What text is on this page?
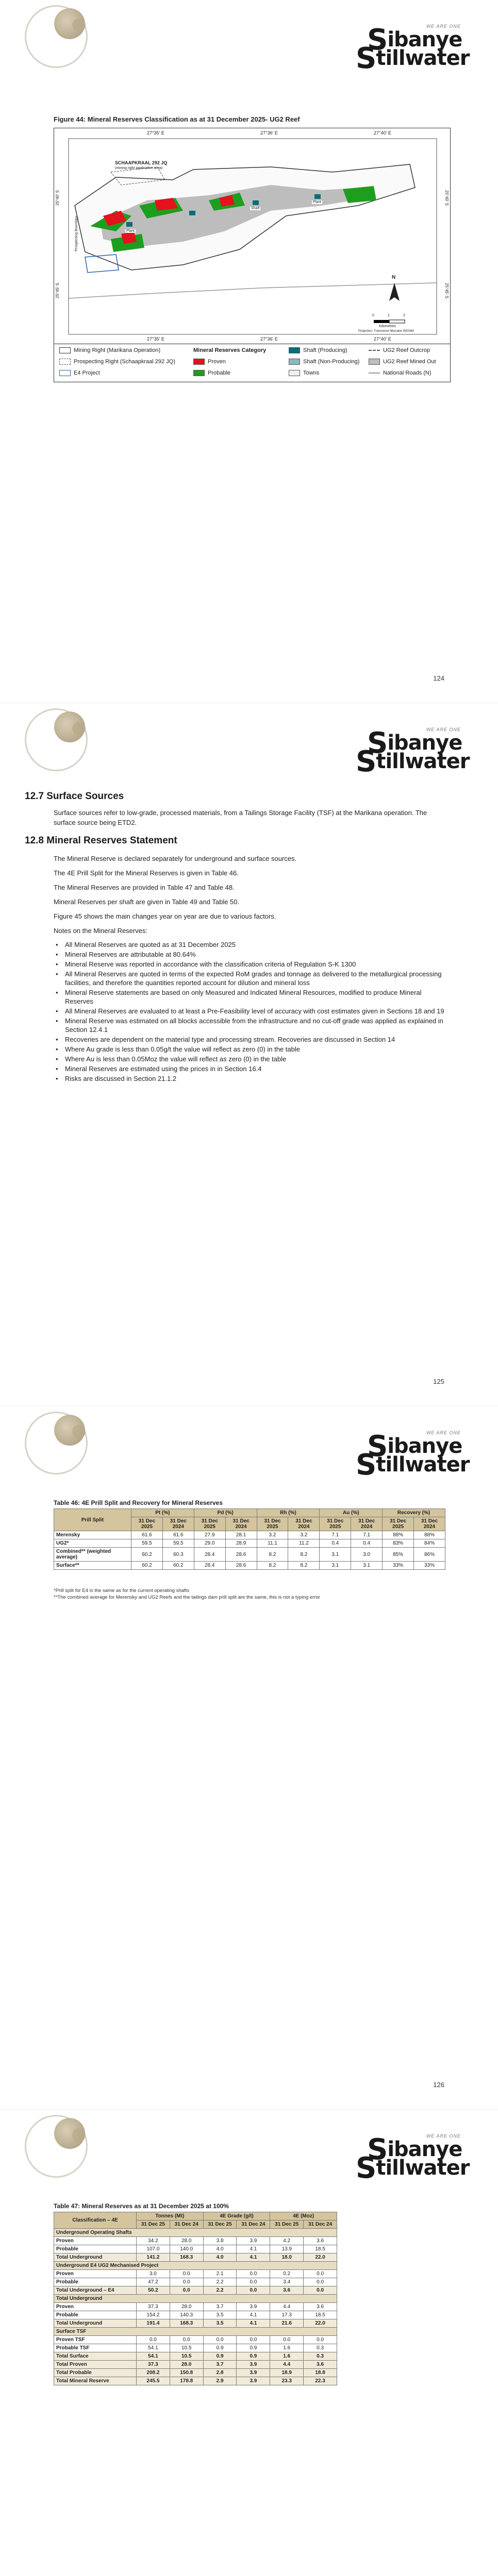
WE ARE ONE
Sibanye
Stillwater
Figure 44: Mineral Reserves Classification as at 31 December 2025- UG2 Reef
27°35' E	27°36' E	27°40' E
27°35' E	27°36' E	27°40' E
25°40' S
25°45' S
25°40' S
25°45' S
SCHAAPKRAAL 292 JQ
(mining right application area)
Prospecting Boundary	Plant
Shaft
Plant
N
0	1	2
Kilometres
Projection: Transverse Mercator WGS84
Mining Right (Marikana Operation)
Prospecting Right (Schaapkraal 292 JQ)
E4 Project
Mineral Reserves Category
Proven
Probable
Shaft (Producing)
Shaft (Non-Producing)
Towns
UG2 Reef Outcrop
UG2 Reef Mined Out
National Roads (N)
124
WE ARE ONE
Sibanye
Stillwater
12.7 Surface Sources
Surface sources refer to low-grade, processed materials, from a Tailings Storage Facility (TSF) at the Marikana operation. The surface source being ETD2.
12.8 Mineral Reserves Statement
The Mineral Reserve is declared separately for underground and surface sources.
The 4E Prill Split for the Mineral Reserves is given in Table 46.
The Mineral Reserves are provided in Table 47 and Table 48.
Mineral Reserves per shaft are given in Table 49 and Table 50.
Figure 45 shows the main changes year on year are due to various factors.
Notes on the Mineral Reserves:
• All Mineral Reserves are quoted as at 31 December 2025
• Mineral Reserves are attributable at 80.64%
• Mineral Reserve was reported in accordance with the classification criteria of Regulation S-K 1300
• All Mineral Reserves are quoted in terms of the expected RoM grades and tonnage as delivered to the metallurgical processing facilities, and therefore the quantities reported account for dilution and mineral loss
• Mineral Reserve statements are based on only Measured and Indicated Mineral Resources, modified to produce Mineral Reserves
• All Mineral Reserves are evaluated to at least a Pre-Feasibility level of accuracy with cost estimates given in Sections 18 and 19
• Mineral Reserve was estimated on all blocks accessible from the infrastructure and no cut-off grade was applied as explained in Section 12.4.1
• Recoveries are dependent on the material type and processing stream. Recoveries are discussed in Section 14
• Where Au grade is less than 0.05g/t the value will reflect as zero (0) in the table
• Where Au is less than 0.05Moz the value will reflect as zero (0) in the table
• Mineral Reserves are estimated using the prices in in Section 16.4
• Risks are discussed in Section 21.1.2
125
WE ARE ONE
Sibanye
Stillwater
Table 46: 4E Prill Split and Recovery for Mineral Reserves
Prill Split	Pt (%)		Pd (%)		Rh (%)		Au (%)		Recovery (%)	
	31 Dec 2025	31 Dec 2024	31 Dec 2025	31 Dec 2024	31 Dec 2025	31 Dec 2024	31 Dec 2025	31 Dec 2024	31 Dec 2025	31 Dec 2024
Merensky	61.6	61.6	27.9	28.1	3.2	3.2	7.1	7.1	88%	88%
UG2*	59.5	59.5	29.0	28.9	11.1	11.2	0.4	0.4	83%	84%
Combined** (weighted average)	60.2	60.3	28.4	28.6	8.2	8.2	3.1	3.0	85%	86%
Surface**	60.2	60.2	28.4	28.6	8.2	8.2	3.1	3.1	33%	33%
*Prill split for E4 is the same as for the current operating shafts
**The combined average for Merensky and UG2 Reefs and the tailings dam prill split are the same, this is not a typing error
126
WE ARE ONE
Sibanye
Stillwater
Table 47: Mineral Reserves as at 31 December 2025 at 100%
Classification – 4E	Tonnes (Mt)		4E Grade (g/t)		4E (Moz)	
	31 Dec 25	31 Dec 24	31 Dec 25	31 Dec 24	31 Dec 25	31 Dec 24
Underground Operating Shafts						
Proven	34.2	28.0	3.8	3.9	4.2	3.6
Probable	107.0	140.0	4.0	4.1	13.9	18.5
Total Underground	141.2	168.3	4.0	4.1	18.0	22.0
Underground E4 UG2 Mechanised Project						
Proven	3.0	0.0	2.1	0.0	0.2	0.0
Probable	47.2	0.0	2.2	0.0	3.4	0.0
Total Underground – E4	50.2	0.0	2.2	0.0	3.6	0.0
Total Underground						
Proven	37.3	28.0	3.7	3.9	4.4	3.6
Probable	154.2	140.3	3.5	4.1	17.3	18.5
Total Underground	191.4	168.3	3.5	4.1	21.6	22.0
Surface TSF						
Proven TSF	0.0	0.0	0.0	0.0	0.0	0.0
Probable TSF	54.1	10.5	0.9	0.9	1.6	0.3
Total Surface	54.1	10.5	0.9	0.9	1.6	0.3
Total Proven	37.3	28.0	3.7	3.9	4.4	3.6
Total Probable	208.2	150.8	2.8	3.9	18.9	18.8
Total Mineral Reserve	245.5	178.8	2.9	3.9	23.3	22.3
